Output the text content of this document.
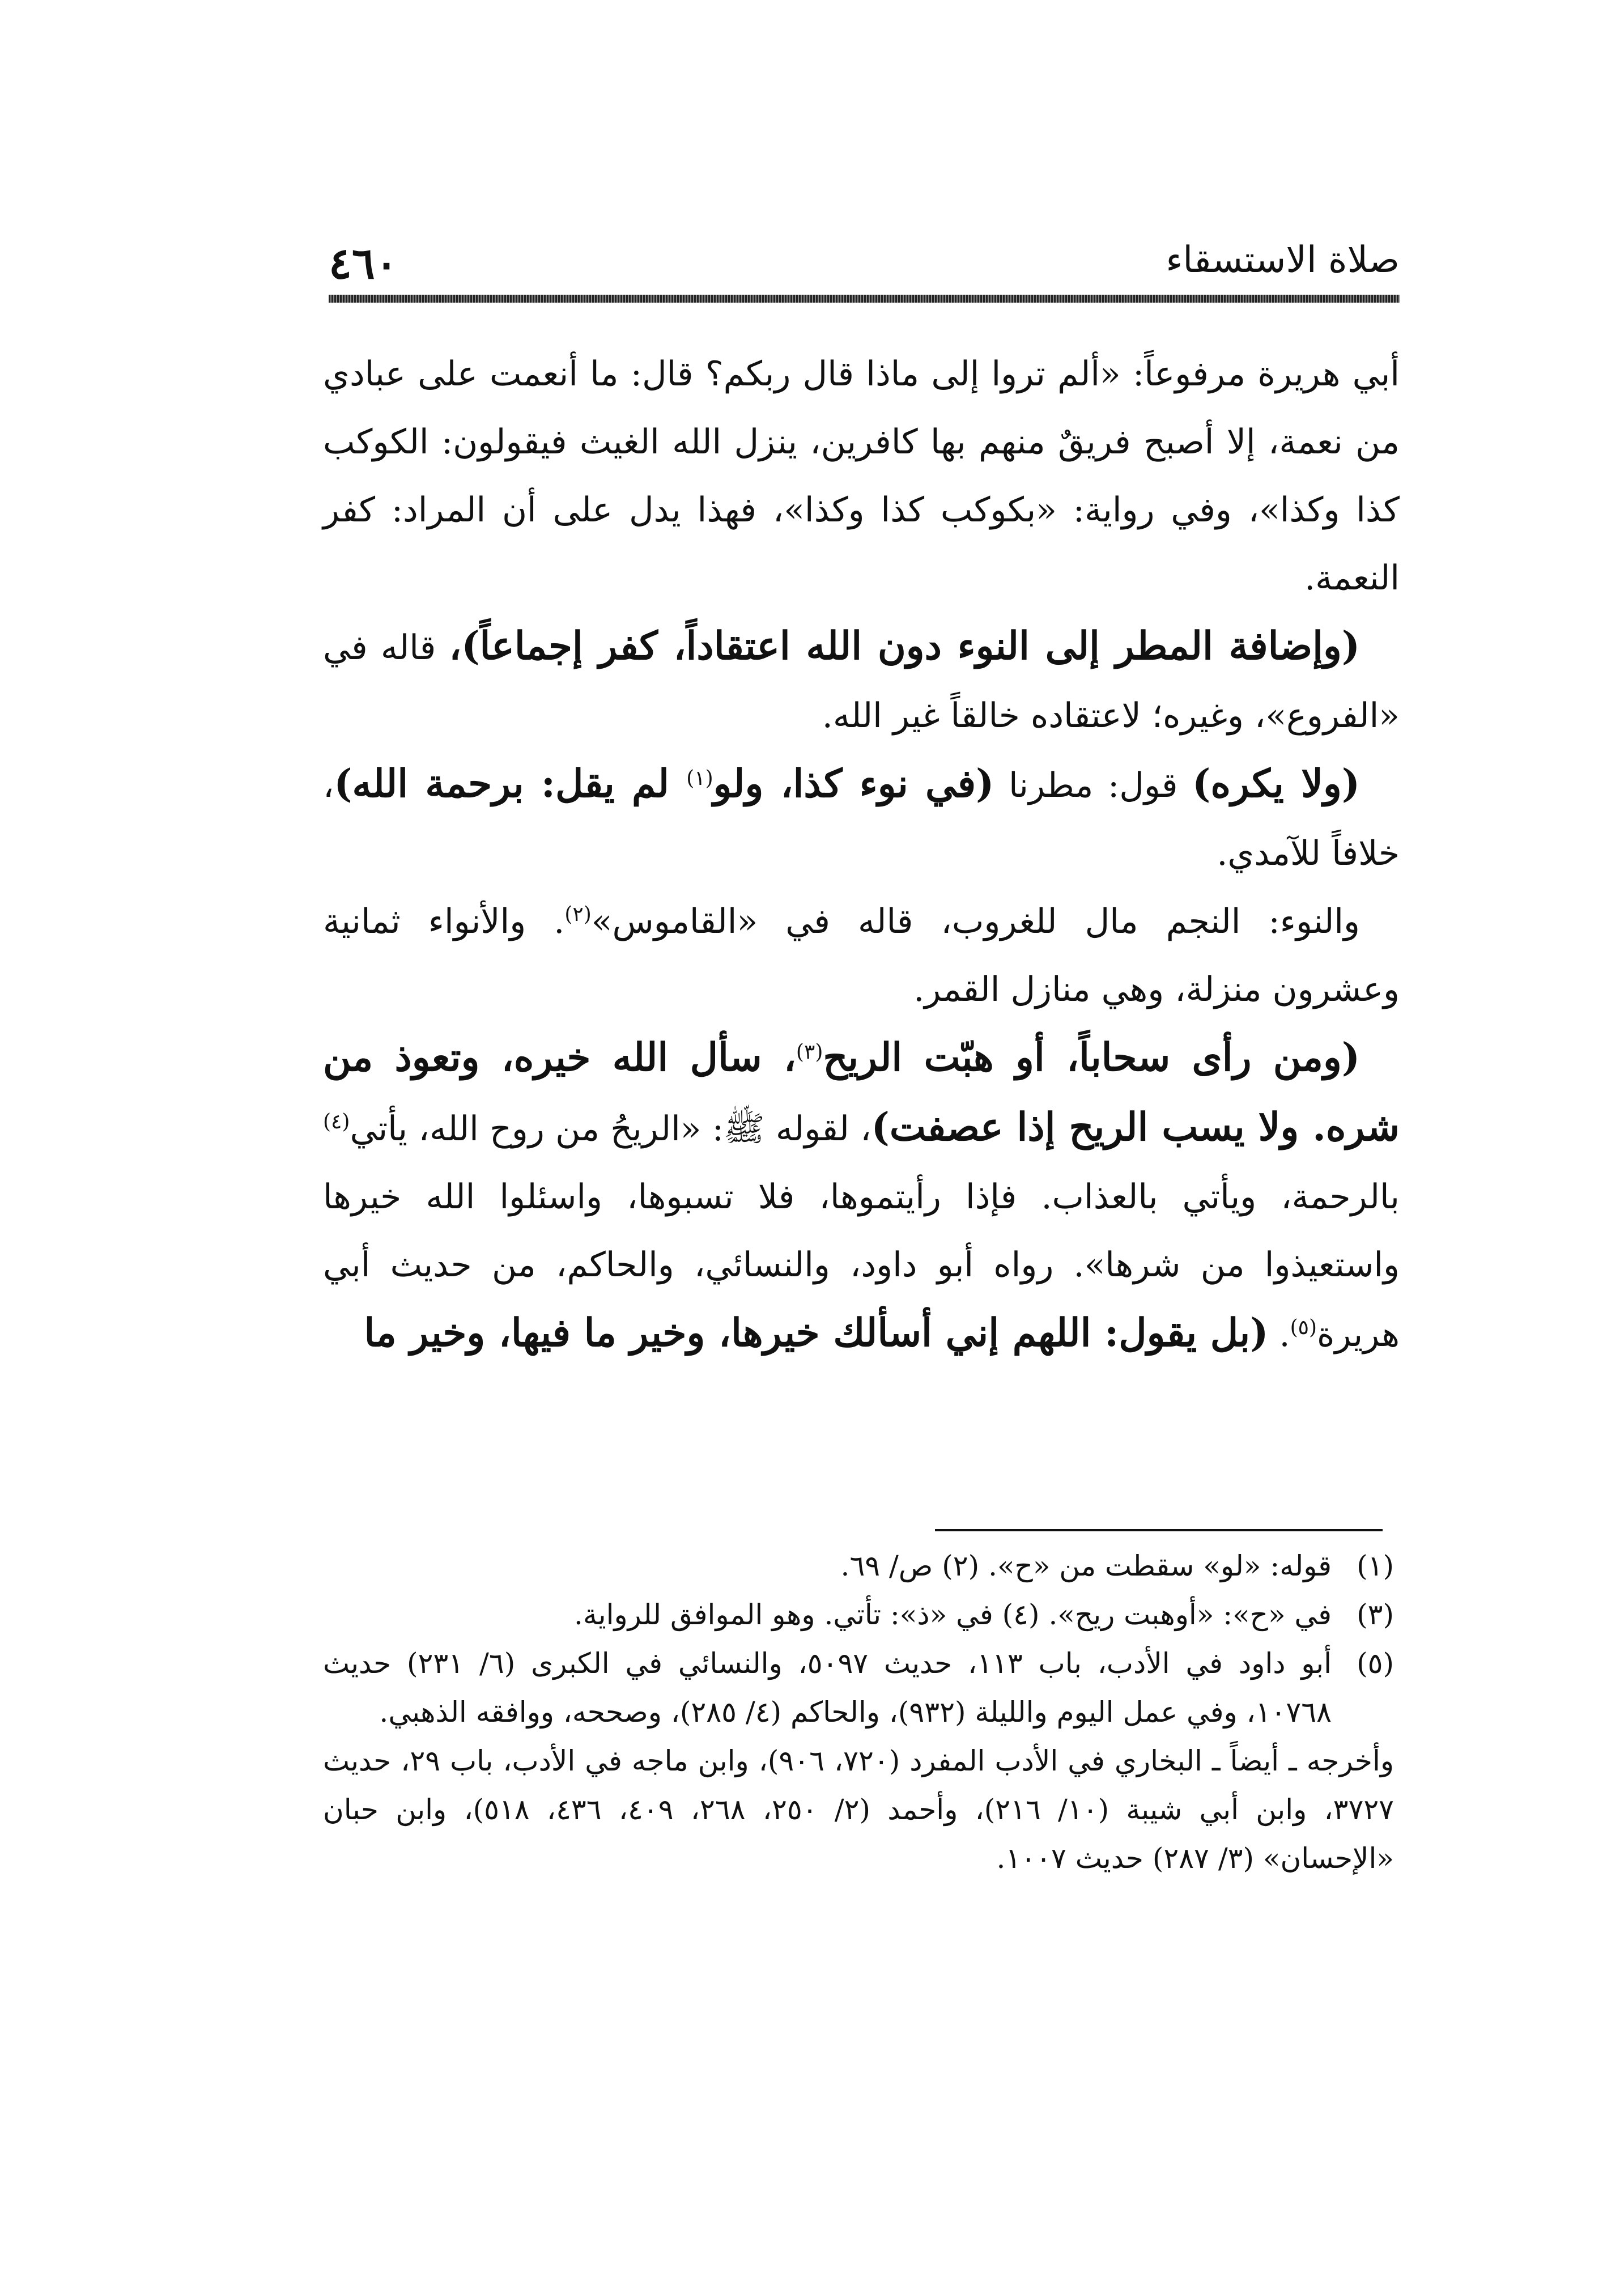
٤٦٠	صلاة الاستسقاء

أبي هريرة مرفوعاً: «ألم تروا إلى ماذا قال ربكم؟ قال: ما أنعمت على عبادي من نعمة، إلا أصبح فريقٌ منهم بها كافرين، ينزل الله الغيث فيقولون: الكوكب كذا وكذا»، وفي رواية: «بكوكب كذا وكذا»، فهذا يدل على أن المراد: كفر النعمة.

(وإضافة المطر إلى النوء دون الله اعتقاداً، كفر إجماعاً)، قاله في «الفروع»، وغيره؛ لاعتقاده خالقاً غير الله.

(ولا يكره) قول: مطرنا (في نوء كذا، ولو$^{(١)}$ لم يقل: برحمة الله)، خلافاً للآمدي.

والنوء: النجم مال للغروب، قاله في «القاموس»$^{(٢)}$. والأنواء ثمانية وعشرون منزلة، وهي منازل القمر.

(ومن رأى سحاباً، أو هبّت الريح$^{(٣)}$، سأل الله خيره، وتعوذ من شره. ولا يسب الريح إذا عصفت)، لقوله ﷺ: «الريحُ من روح الله، يأتي$^{(٤)}$ بالرحمة، ويأتي بالعذاب. فإذا رأيتموها، فلا تسبوها، واسئلوا الله خيرها واستعيذوا من شرها». رواه أبو داود، والنسائي، والحاكم، من حديث أبي هريرة$^{(٥)}$. (بل يقول: اللهم إني أسألك خيرها، وخير ما فيها، وخير ما

(١)
قوله: «لو» سقطت من «ح». (٢) ص/ ٦٩.
(٣)
في «ح»: «أوهبت ريح». (٤) في «ذ»: تأتي. وهو الموافق للرواية.
(٥)
أبو داود في الأدب، باب ١١٣، حديث ٥٠٩٧، والنسائي في الكبرى (٦/ ٢٣١) حديث ١٠٧٦٨، وفي عمل اليوم والليلة (٩٣٢)، والحاكم (٤/ ٢٨٥)، وصححه، ووافقه الذهبي.
وأخرجه ـ أيضاً ـ البخاري في الأدب المفرد (٧٢٠، ٩٠٦)، وابن ماجه في الأدب، باب ٢٩، حديث ٣٧٢٧، وابن أبي شيبة (١٠/ ٢١٦)، وأحمد (٢/ ٢٥٠، ٢٦٨، ٤٠٩، ٤٣٦، ٥١٨)، وابن حبان «الإحسان» (٣/ ٢٨٧) حديث ١٠٠٧.
